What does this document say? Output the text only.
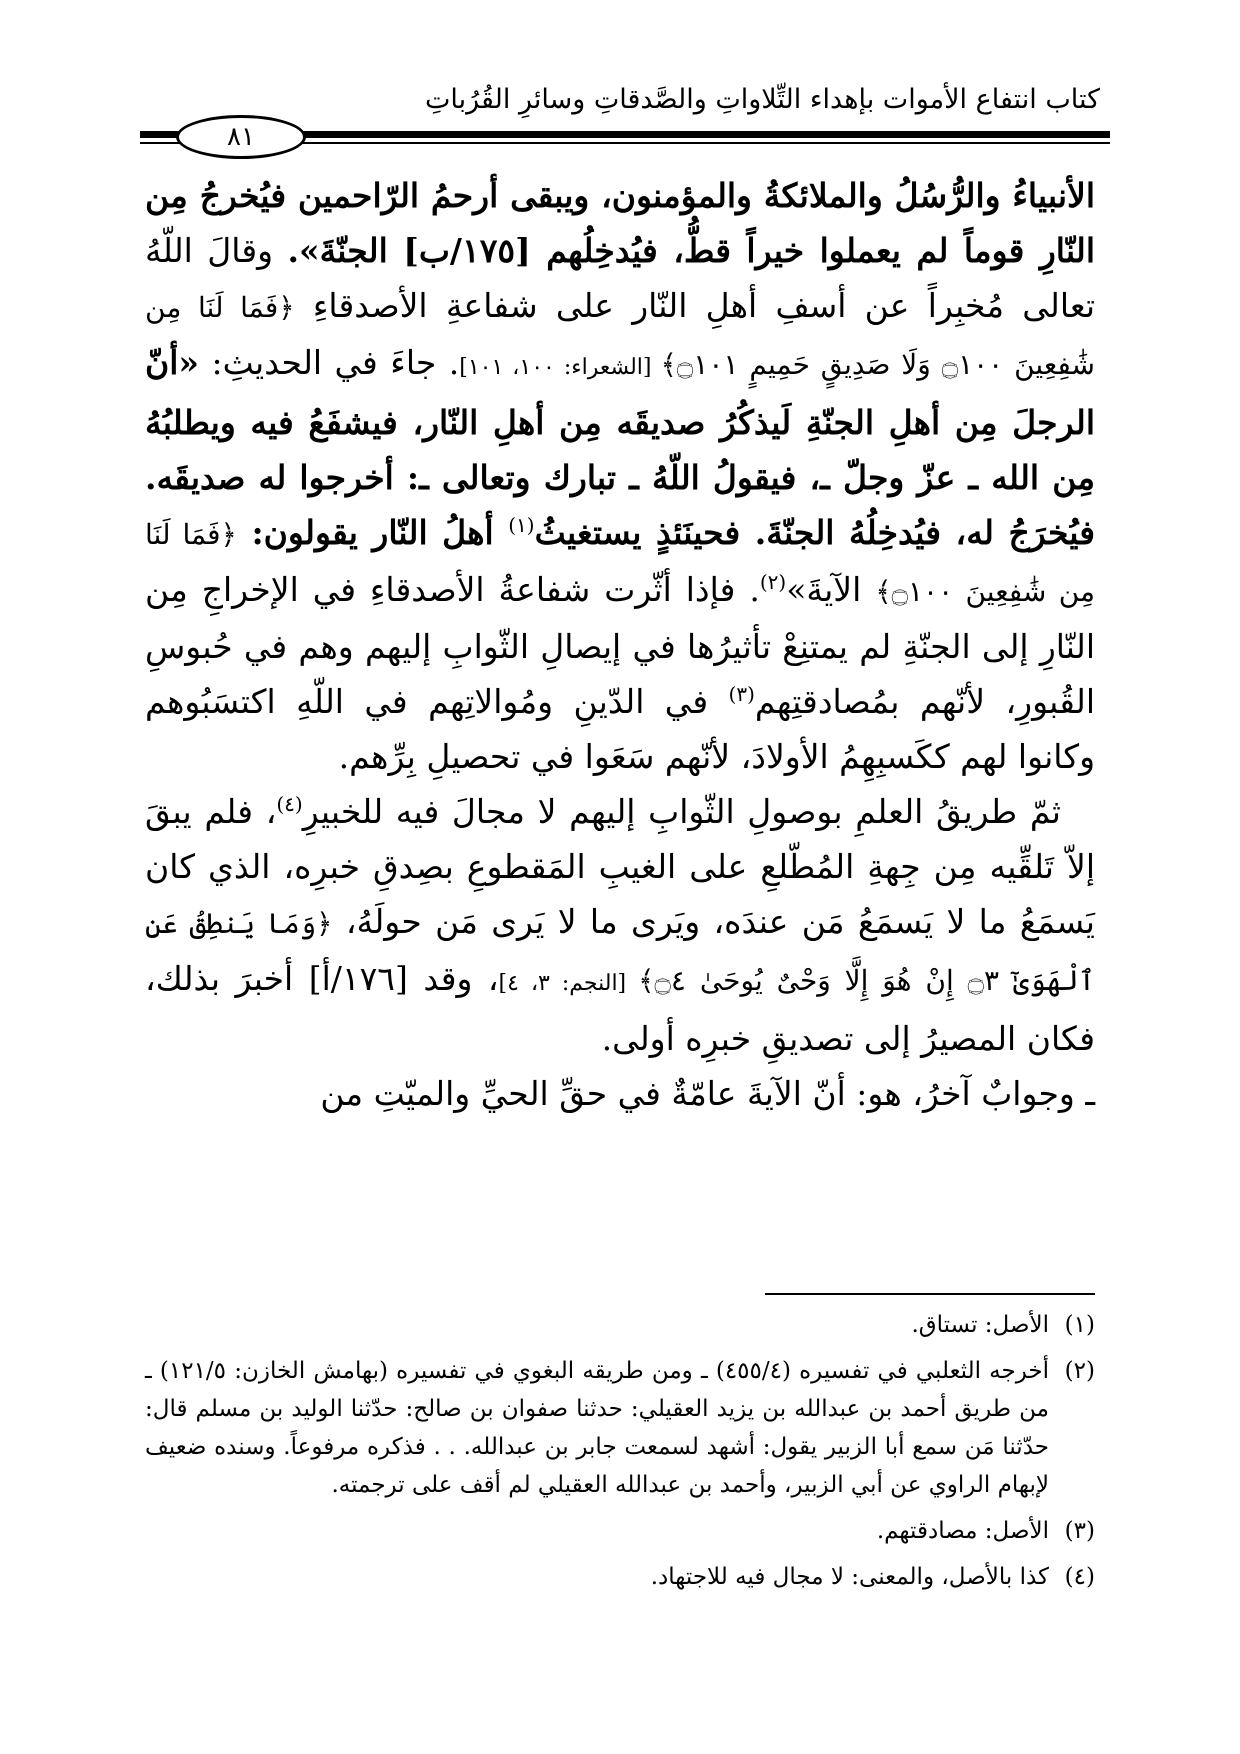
كتاب انتفاع الأموات بإهداء التِّلاواتِ والصَّدقاتِ وسائرِ القُرُباتِ
٨١

الأنبياءُ والرُّسُلُ والملائكةُ والمؤمنون، ويبقى أرحمُ الرّاحمين فيُخرجُ مِن النّارِ قوماً لم يعملوا خيراً قطُّ، فيُدخِلُهم [١٧٥/ب] الجنّةَ». وقالَ اللّهُ تعالى مُخبِراً عن أسفِ أهلِ النّار على شفاعةِ الأصدقاءِ ﴿فَمَا لَنَا مِن شَٰفِعِينَ ۝١٠٠ وَلَا صَدِيقٍ حَمِيمٍ ۝١٠١﴾ [الشعراء: ١٠٠، ١٠١]. جاءَ في الحديثِ: «أنّ الرجلَ مِن أهلِ الجنّةِ لَيذكُرُ صديقَه مِن أهلِ النّار، فيشفَعُ فيه ويطلبُهُ مِن الله ـ عزّ وجلّ ـ، فيقولُ اللّهُ ـ تبارك وتعالى ـ: أخرجوا له صديقَه. فيُخرَجُ له، فيُدخِلُهُ الجنّةَ. فحينَئذٍ يستغيثُ$^{(١)}$ أهلُ النّار يقولون: ﴿فَمَا لَنَا مِن شَٰفِعِينَ ۝١٠٠﴾ الآيةَ»$^{(٢)}$. فإذا أثّرت شفاعةُ الأصدقاءِ في الإخراجِ مِن النّارِ إلى الجنّةِ لم يمتنِعْ تأثيرُها في إيصالِ الثّوابِ إليهم وهم في حُبوسِ القُبورِ، لأنّهم بمُصادقتِهم$^{(٣)}$ في الدّينِ ومُوالاتِهم في اللّهِ اكتسَبُوهم وكانوا لهم ككَسبِهِمُ الأولادَ، لأنّهم سَعَوا في تحصيلِ بِرِّهم.

ثمّ طريقُ العلمِ بوصولِ الثّوابِ إليهم لا مجالَ فيه للخبيرِ$^{(٤)}$، فلم يبقَ إلاّ تَلقِّيه مِن جِهةِ المُطّلعِ على الغيبِ المَقطوعِ بصِدقِ خبرِه، الذي كان يَسمَعُ ما لا يَسمَعُ مَن عندَه، ويَرى ما لا يَرى مَن حولَهُ، ﴿وَمَا يَنطِقُ عَنِ ٱلْهَوَىٰٓ ۝٣ إِنْ هُوَ إِلَّا وَحْىٌ يُوحَىٰ ۝٤﴾ [النجم: ٣، ٤]، وقد [١٧٦/أ] أخبرَ بذلك، فكان المصيرُ إلى تصديقِ خبرِه أولى.

ـ وجوابٌ آخرُ، هو: أنّ الآيةَ عامّةٌ في حقِّ الحيِّ والميّتِ من

(١)
الأصل: تستاق.
(٢)
أخرجه الثعلبي في تفسيره (٤٥٥/٤) ـ ومن طريقه البغوي في تفسيره (بهامش الخازن: ١٢١/٥) ـ من طريق أحمد بن عبدالله بن يزيد العقيلي: حدثنا صفوان بن صالح: حدّثنا الوليد بن مسلم قال: حدّثنا مَن سمع أبا الزبير يقول: أشهد لسمعت جابر بن عبدالله. . . فذكره مرفوعاً. وسنده ضعيف لإبهام الراوي عن أبي الزبير، وأحمد بن عبدالله العقيلي لم أقف على ترجمته.
(٣)
الأصل: مصادقتهم.
(٤)
كذا بالأصل، والمعنى: لا مجال فيه للاجتهاد.
